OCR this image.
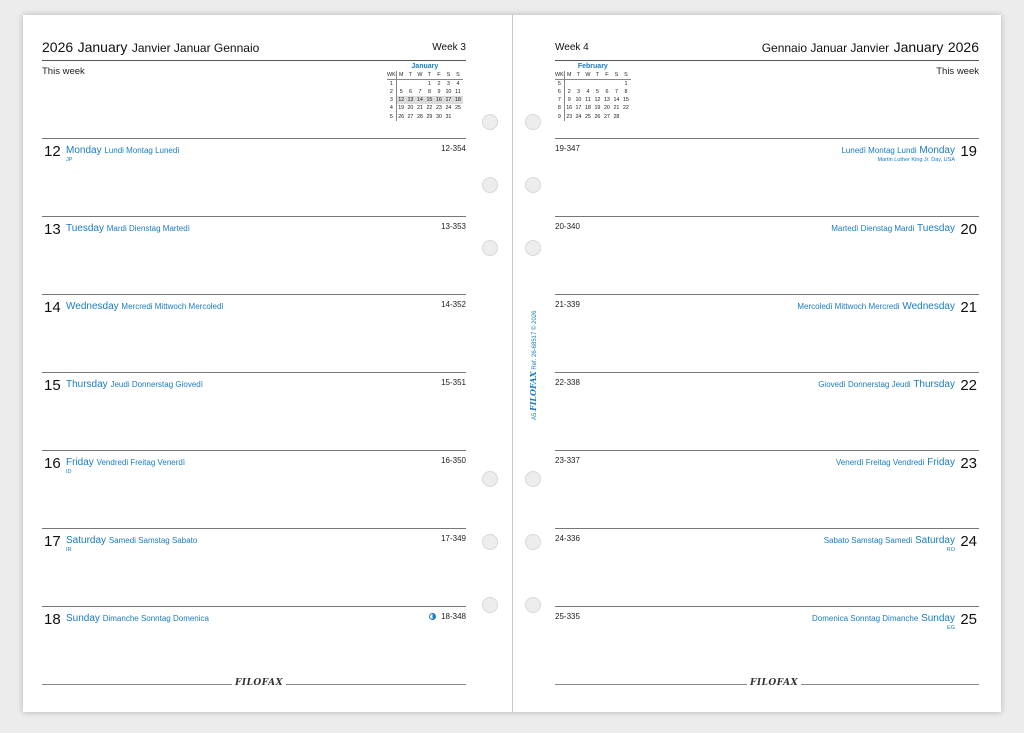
2026 January Janvier Januar Gennaio	Week 3
This week	January
WK	M	T	W	T	F	S	S
1				1	2	3	4
2	5	6	7	8	9	10	11
3	12	13	14	15	16	17	18
4	19	20	21	22	23	24	25
5	26	27	28	29	30	31	
12 Monday Lundi Montag Lunedì
JP
12-354
13 Tuesday Mardi Dienstag Martedì	13-353
14 Wednesday Mercredi Mittwoch Mercoledì	14-352
15 Thursday Jeudi Donnerstag Giovedì	15-351
16 Friday Vendredi Freitag Venerdì
ID
16-350
17 Saturday Samedi Samstag Sabato
IR
17-349
18 Sunday Dimanche Sonntag Domenica	18-348
FILOFAX
Week 4	Gennaio Januar Janvier January 2026
This week
February
WK	M	T	W	T	F	S	S
5							1
6	2	3	4	5	6	7	8
7	9	10	11	12	13	14	15
8	16	17	18	19	20	21	22
9	23	24	25	26	27	28	
19-347	Lunedì Montag Lundi Monday
Martin Luther King Jr. Day, USA 19
20-340	Martedì Dienstag Mardi Tuesday 20
21-339	Mercoledì Mittwoch Mercredi Wednesday 21
22-338	Giovedì Donnerstag Jeudi Thursday 22
23-337	Venerdì Freitag Vendredi Friday 23
24-336	Sabato Samstag Samedi Saturday
RO 24
25-335	Domenica Sonntag Dimanche Sunday
EG 25
FILOFAX
A5 FILOFAX Ref. 26-68517 © 2026
